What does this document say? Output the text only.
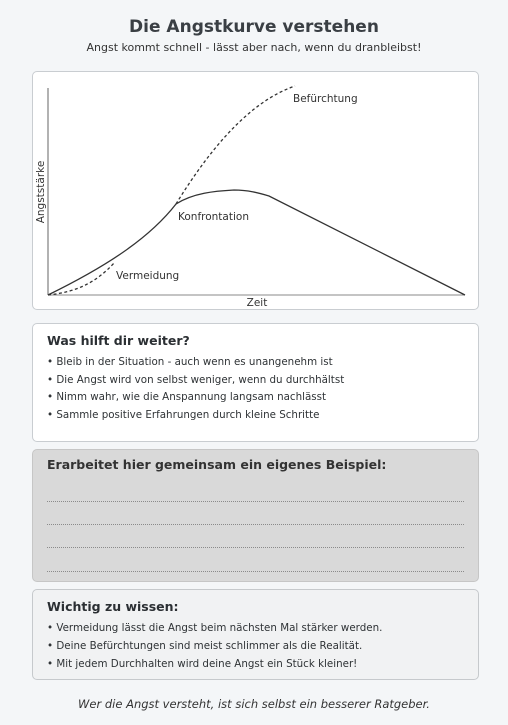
Die Angstkurve verstehen
Angst kommt schnell - lässt aber nach, wenn du dranbleibst!
Angststärke
Zeit
Konfrontation
Befürchtung
Vermeidung
Was hilft dir weiter?
• Bleib in der Situation - auch wenn es unangenehm ist
• Die Angst wird von selbst weniger, wenn du durchhältst
• Nimm wahr, wie die Anspannung langsam nachlässt
• Sammle positive Erfahrungen durch kleine Schritte
Erarbeitet hier gemeinsam ein eigenes Beispiel:
Wichtig zu wissen:
• Vermeidung lässt die Angst beim nächsten Mal stärker werden.
• Deine Befürchtungen sind meist schlimmer als die Realität.
• Mit jedem Durchhalten wird deine Angst ein Stück kleiner!
Wer die Angst versteht, ist sich selbst ein besserer Ratgeber.
